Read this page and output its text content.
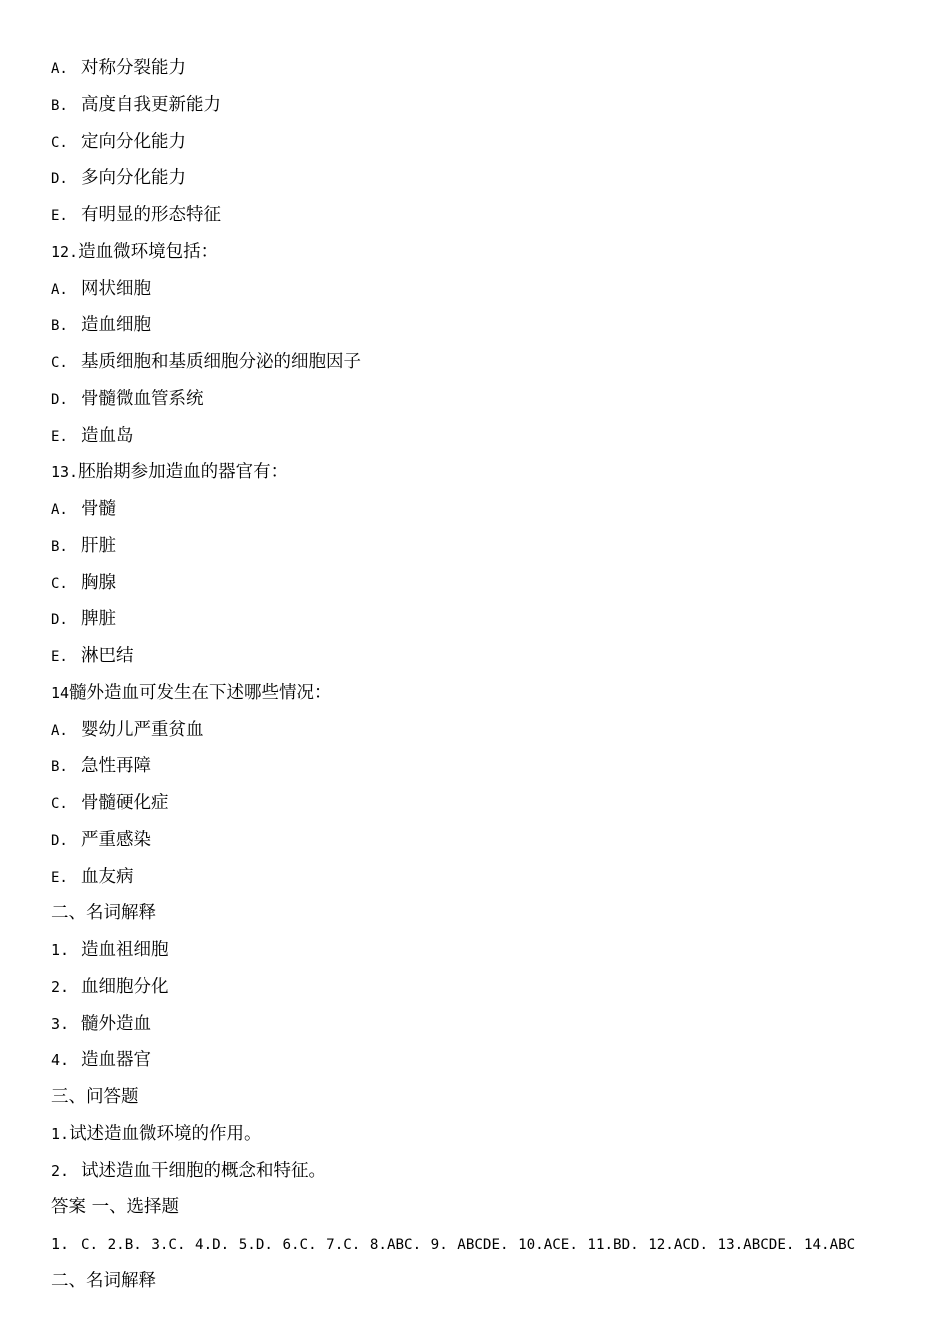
A. 对称分裂能力
B. 高度自我更新能力
C. 定向分化能力
D. 多向分化能力
E. 有明显的形态特征
12.造血微环境包括：
A. 网状细胞
B. 造血细胞
C. 基质细胞和基质细胞分泌的细胞因子
D. 骨髓微血管系统
E. 造血岛
13.胚胎期参加造血的器官有：
A. 骨髓
B. 肝脏
C. 胸腺
D. 脾脏
E. 淋巴结
14髓外造血可发生在下述哪些情况：
A. 婴幼儿严重贫血
B. 急性再障
C. 骨髓硬化症
D. 严重感染
E. 血友病
二、名词解释
1. 造血祖细胞
2. 血细胞分化
3. 髓外造血
4. 造血器官
三、问答题
1.试述造血微环境的作用。
2. 试述造血干细胞的概念和特征。
答案 一、选择题
1. C. 2.B. 3.C. 4.D. 5.D. 6.C. 7.C. 8.ABC. 9. ABCDE. 10.ACE. 11.BD. 12.ACD. 13.ABCDE. 14.ABC
二、名词解释
